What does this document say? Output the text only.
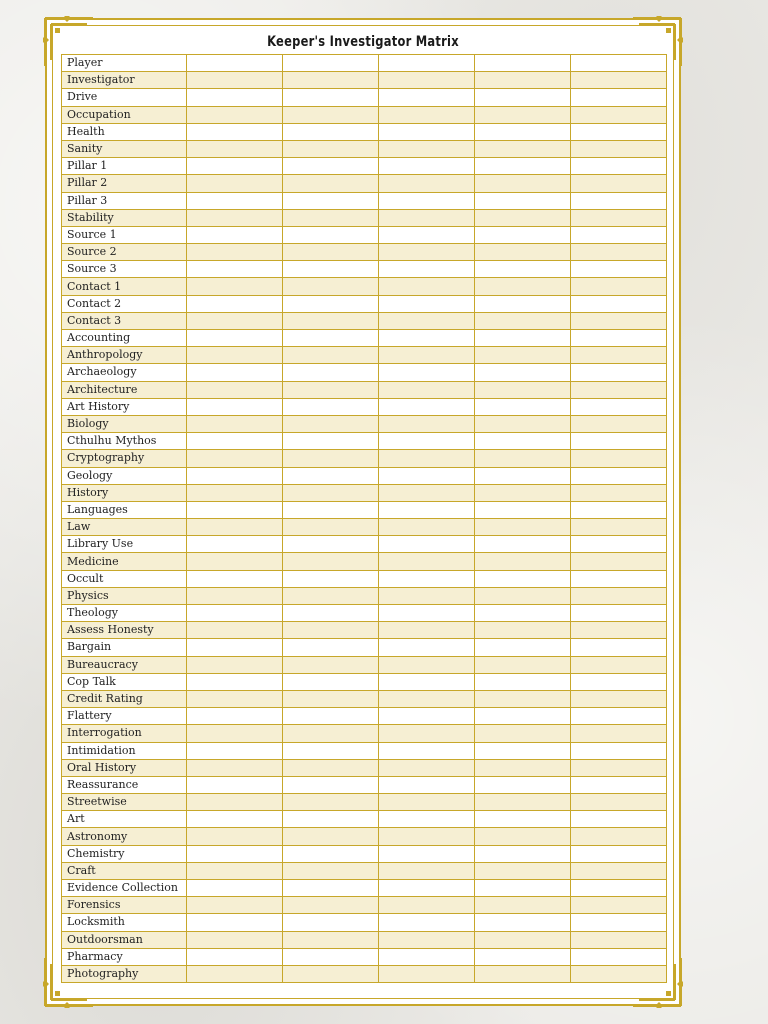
Keeper's Investigator Matrix
Player					
Investigator					
Drive					
Occupation					
Health					
Sanity					
Pillar 1					
Pillar 2					
Pillar 3					
Stability					
Source 1					
Source 2					
Source 3					
Contact 1					
Contact 2					
Contact 3					
Accounting					
Anthropology					
Archaeology					
Architecture					
Art History					
Biology					
Cthulhu Mythos					
Cryptography					
Geology					
History					
Languages					
Law					
Library Use					
Medicine					
Occult					
Physics					
Theology					
Assess Honesty					
Bargain					
Bureaucracy					
Cop Talk					
Credit Rating					
Flattery					
Interrogation					
Intimidation					
Oral History					
Reassurance					
Streetwise					
Art					
Astronomy					
Chemistry					
Craft					
Evidence Collection					
Forensics					
Locksmith					
Outdoorsman					
Pharmacy					
Photography					
